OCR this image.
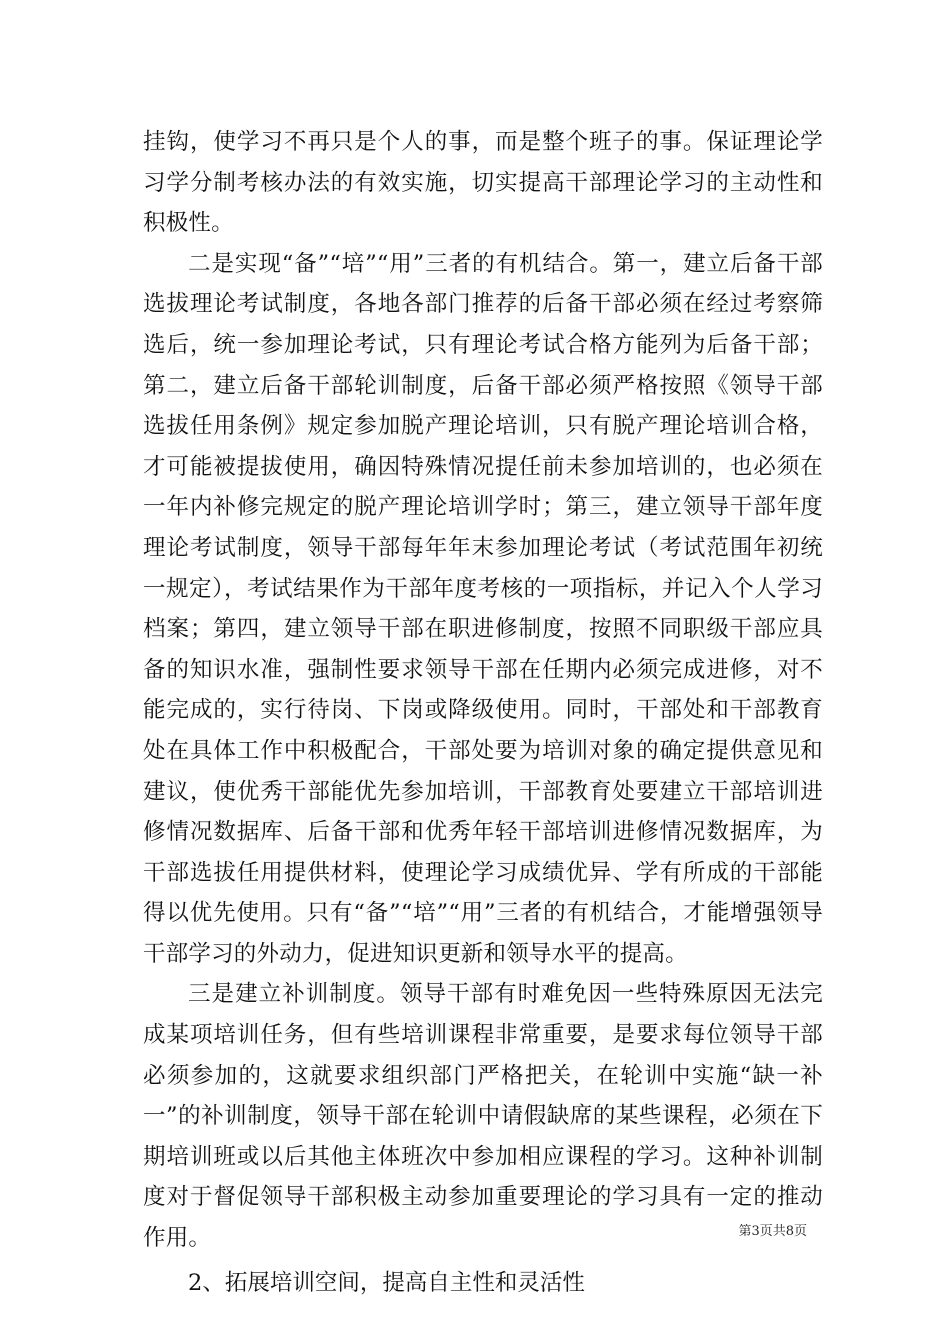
挂钩，使学习不再只是个人的事，而是整个班子的事。保证理论学习学分制考核办法的有效实施，切实提高干部理论学习的主动性和积极性。

二是实现“备”“培”“用”三者的有机结合。第一，建立后备干部选拔理论考试制度，各地各部门推荐的后备干部必须在经过考察筛选后，统一参加理论考试，只有理论考试合格方能列为后备干部；第二，建立后备干部轮训制度，后备干部必须严格按照《领导干部选拔任用条例》规定参加脱产理论培训，只有脱产理论培训合格，才可能被提拔使用，确因特殊情况提任前未参加培训的，也必须在一年内补修完规定的脱产理论培训学时；第三，建立领导干部年度理论考试制度，领导干部每年年末参加理论考试（考试范围年初统一规定），考试结果作为干部年度考核的一项指标，并记入个人学习档案；第四，建立领导干部在职进修制度，按照不同职级干部应具备的知识水准，强制性要求领导干部在任期内必须完成进修，对不能完成的，实行待岗、下岗或降级使用。同时，干部处和干部教育处在具体工作中积极配合，干部处要为培训对象的确定提供意见和建议，使优秀干部能优先参加培训，干部教育处要建立干部培训进修情况数据库、后备干部和优秀年轻干部培训进修情况数据库，为干部选拔任用提供材料，使理论学习成绩优异、学有所成的干部能得以优先使用。只有“备”“培”“用”三者的有机结合，才能增强领导干部学习的外动力，促进知识更新和领导水平的提高。

三是建立补训制度。领导干部有时难免因一些特殊原因无法完成某项培训任务，但有些培训课程非常重要，是要求每位领导干部必须参加的，这就要求组织部门严格把关，在轮训中实施“缺一补一”的补训制度，领导干部在轮训中请假缺席的某些课程，必须在下期培训班或以后其他主体班次中参加相应课程的学习。这种补训制度对于督促领导干部积极主动参加重要理论的学习具有一定的推动作用。

2、拓展培训空间，提高自主性和灵活性

第3页共8页
